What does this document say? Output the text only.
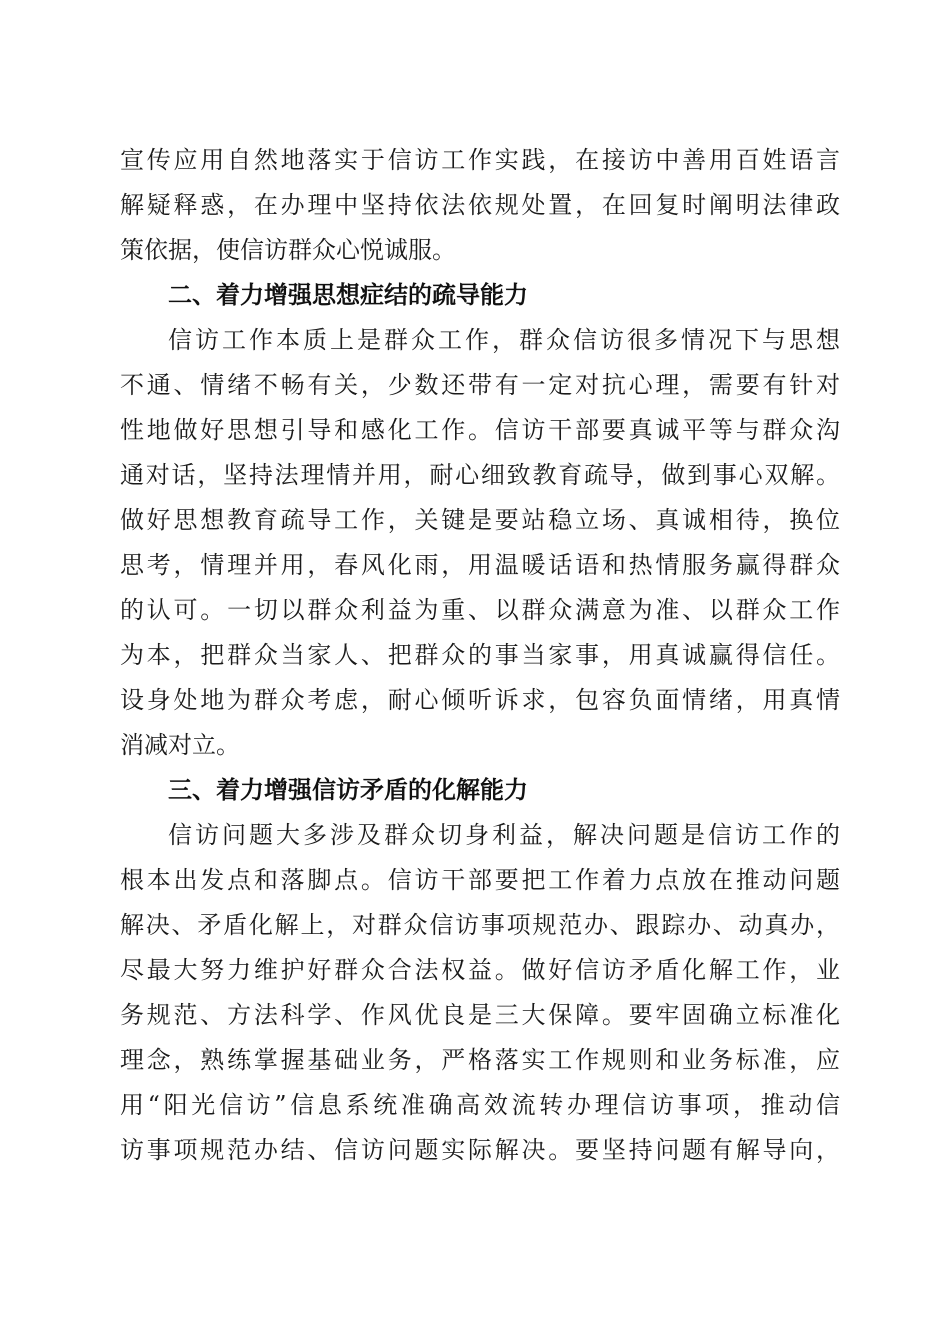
宣传应用自然地落实于信访工作实践，在接访中善用百姓语言
解疑释惑，在办理中坚持依法依规处置，在回复时阐明法律政
策依据，使信访群众心悦诚服。
二、着力增强思想症结的疏导能力
信访工作本质上是群众工作，群众信访很多情况下与思想
不通、情绪不畅有关，少数还带有一定对抗心理，需要有针对
性地做好思想引导和感化工作。信访干部要真诚平等与群众沟
通对话，坚持法理情并用，耐心细致教育疏导，做到事心双解。
做好思想教育疏导工作，关键是要站稳立场、真诚相待，换位
思考，情理并用，春风化雨，用温暖话语和热情服务赢得群众
的认可。一切以群众利益为重、以群众满意为准、以群众工作
为本，把群众当家人、把群众的事当家事，用真诚赢得信任。
设身处地为群众考虑，耐心倾听诉求，包容负面情绪，用真情
消减对立。
三、着力增强信访矛盾的化解能力
信访问题大多涉及群众切身利益，解决问题是信访工作的
根本出发点和落脚点。信访干部要把工作着力点放在推动问题
解决、矛盾化解上，对群众信访事项规范办、跟踪办、动真办，
尽最大努力维护好群众合法权益。做好信访矛盾化解工作，业
务规范、方法科学、作风优良是三大保障。要牢固确立标准化
理念，熟练掌握基础业务，严格落实工作规则和业务标准，应
用“阳光信访”信息系统准确高效流转办理信访事项，推动信
访事项规范办结、信访问题实际解决。要坚持问题有解导向，
